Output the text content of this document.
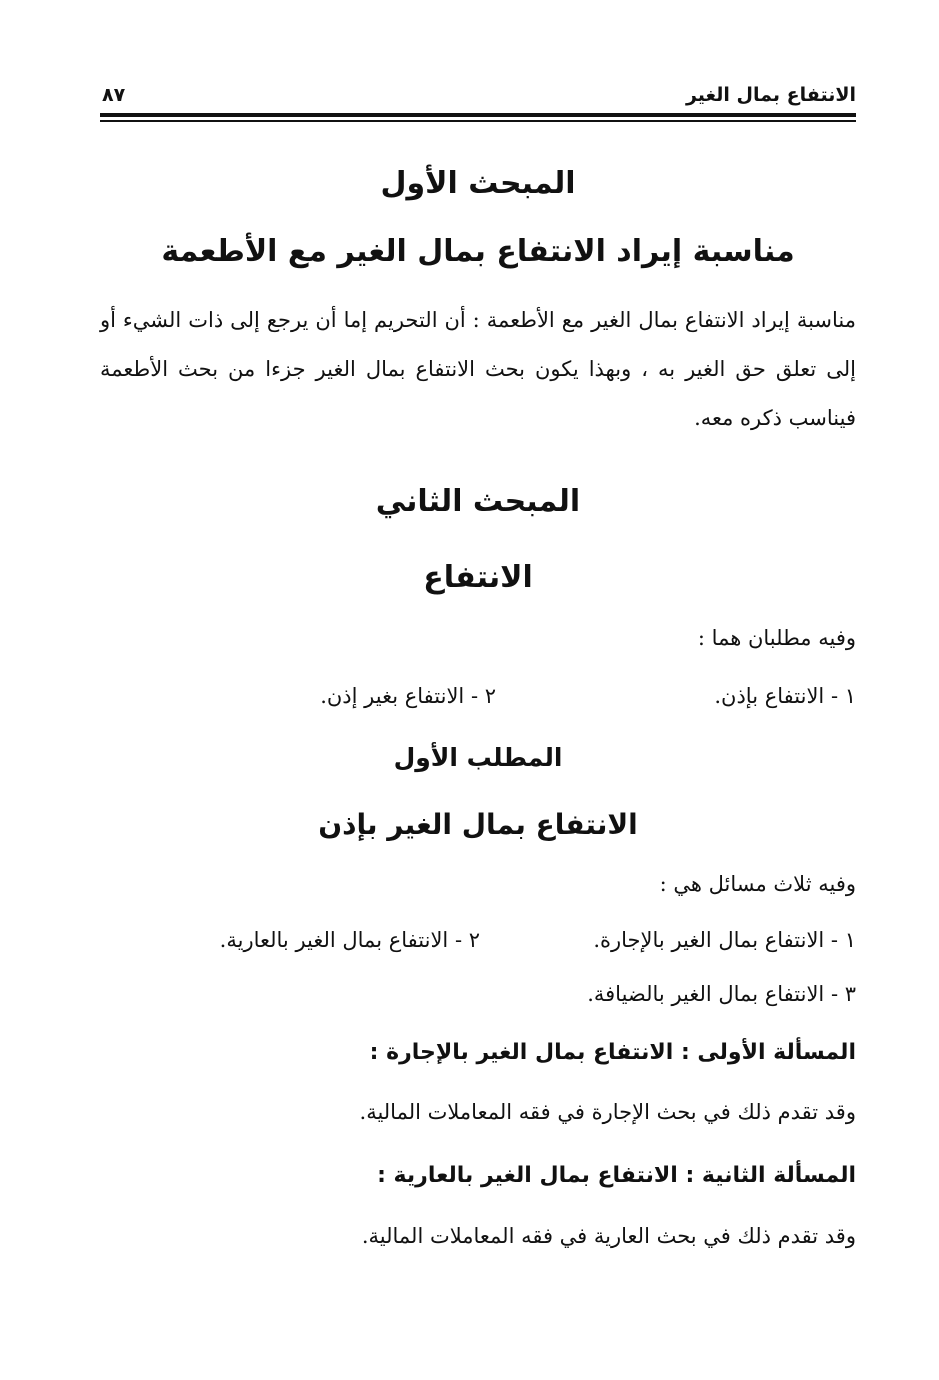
الانتفاع بمال الغير
٨٧
المبحث الأول
مناسبة إيراد الانتفاع بمال الغير مع الأطعمة
مناسبة إيراد الانتفاع بمال الغير مع الأطعمة : أن التحريم إما أن يرجع إلى ذات الشيء أو إلى تعلق حق الغير به ، وبهذا يكون بحث الانتفاع بمال الغير جزءا من بحث الأطعمة فيناسب ذكره معه.
المبحث الثاني
الانتفاع
وفيه مطلبان هما :
١ - الانتفاع بإذن.
٢ - الانتفاع بغير إذن.
المطلب الأول
الانتفاع بمال الغير بإذن
وفيه ثلاث مسائل هي :
١ - الانتفاع بمال الغير بالإجارة.
٢ - الانتفاع بمال الغير بالعارية.
٣ - الانتفاع بمال الغير بالضيافة.
المسألة الأولى : الانتفاع بمال الغير بالإجارة :
وقد تقدم ذلك في بحث الإجارة في فقه المعاملات المالية.
المسألة الثانية : الانتفاع بمال الغير بالعارية :
وقد تقدم ذلك في بحث العارية في فقه المعاملات المالية.
